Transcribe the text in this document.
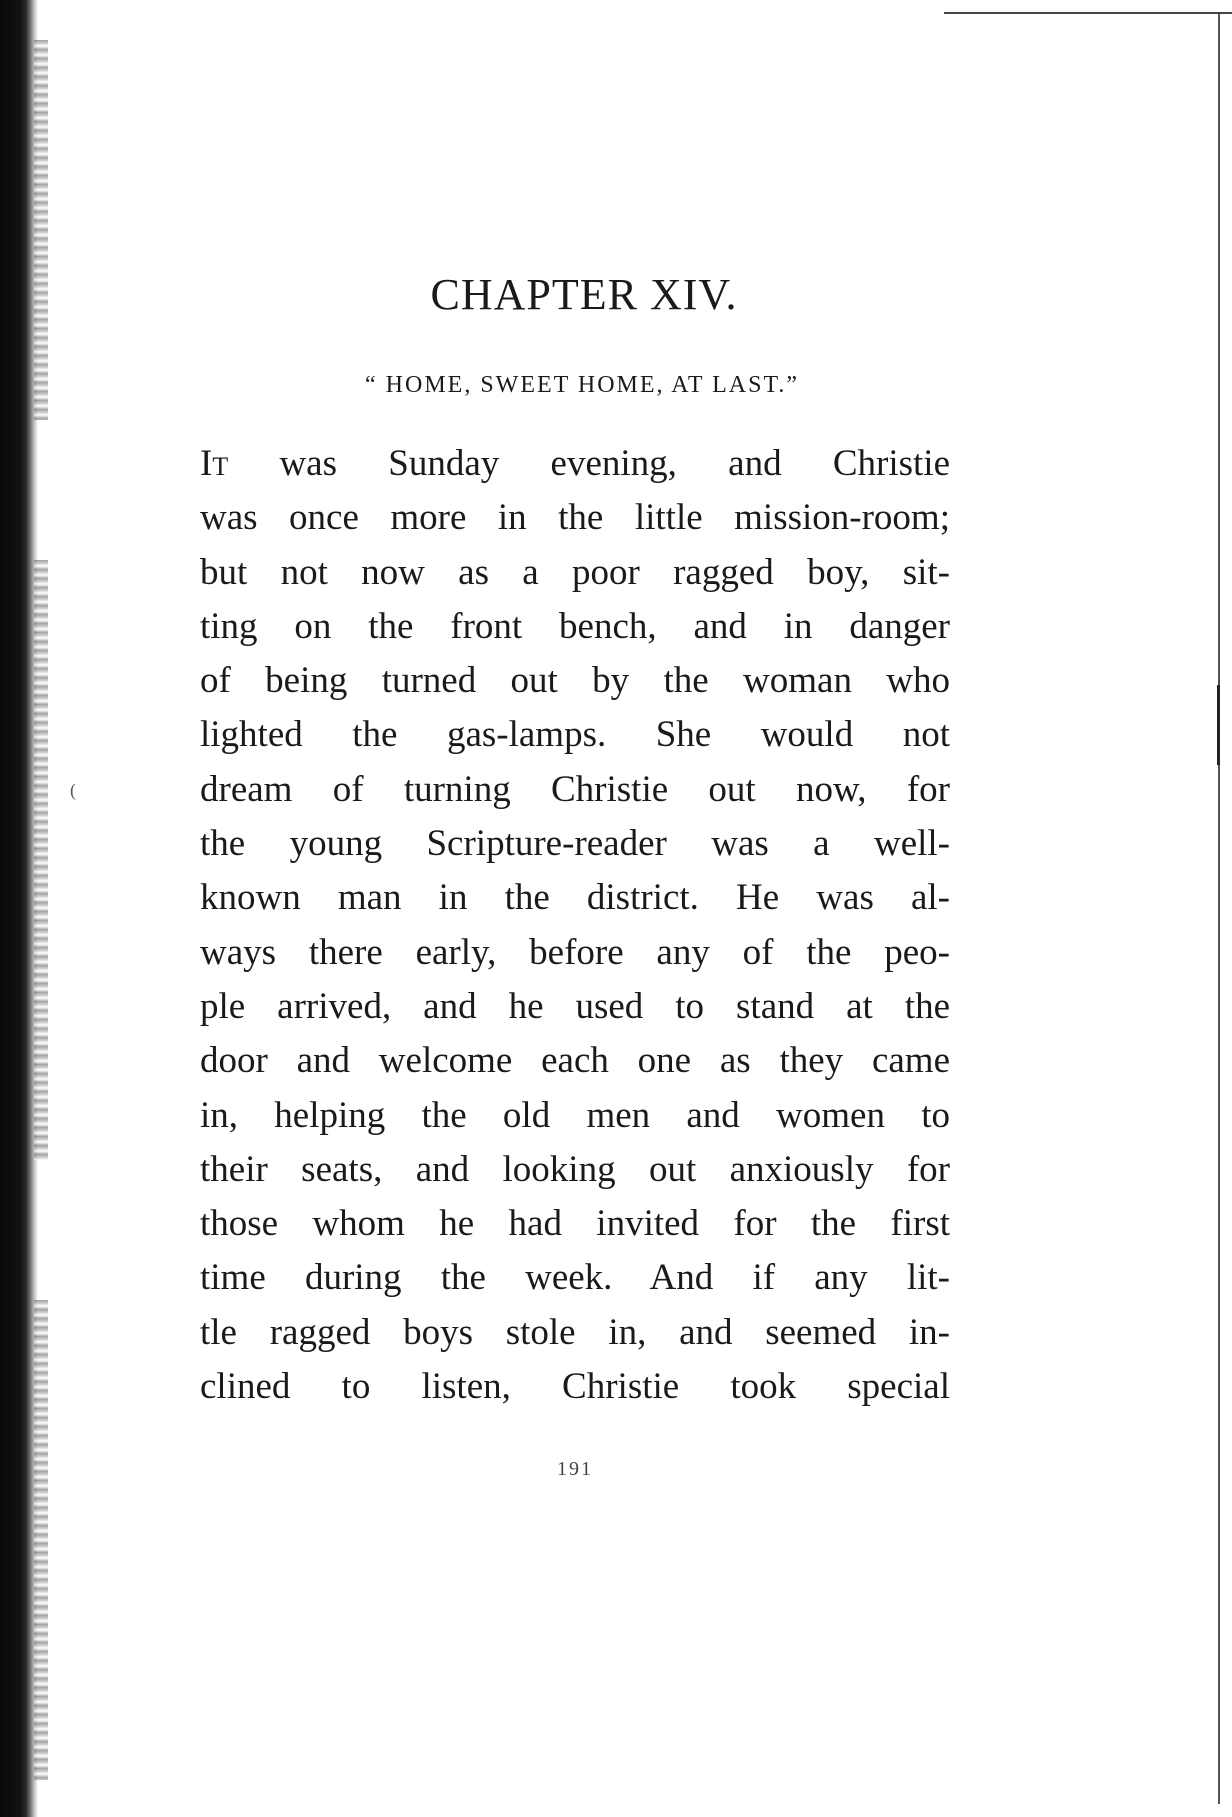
(
CHAPTER XIV.
“ HOME, SWEET HOME, AT LAST.”
It was Sunday evening, and Christie
was once more in the little mission-room;
but not now as a poor ragged boy, sit-
ting on the front bench, and in danger
of being turned out by the woman who
lighted the gas-lamps. She would not
dream of turning Christie out now, for
the young Scripture-reader was a well-
known man in the district. He was al-
ways there early, before any of the peo-
ple arrived, and he used to stand at the
door and welcome each one as they came
in, helping the old men and women to
their seats, and looking out anxiously for
those whom he had invited for the first
time during the week. And if any lit-
tle ragged boys stole in, and seemed in-
clined to listen, Christie took special
191
